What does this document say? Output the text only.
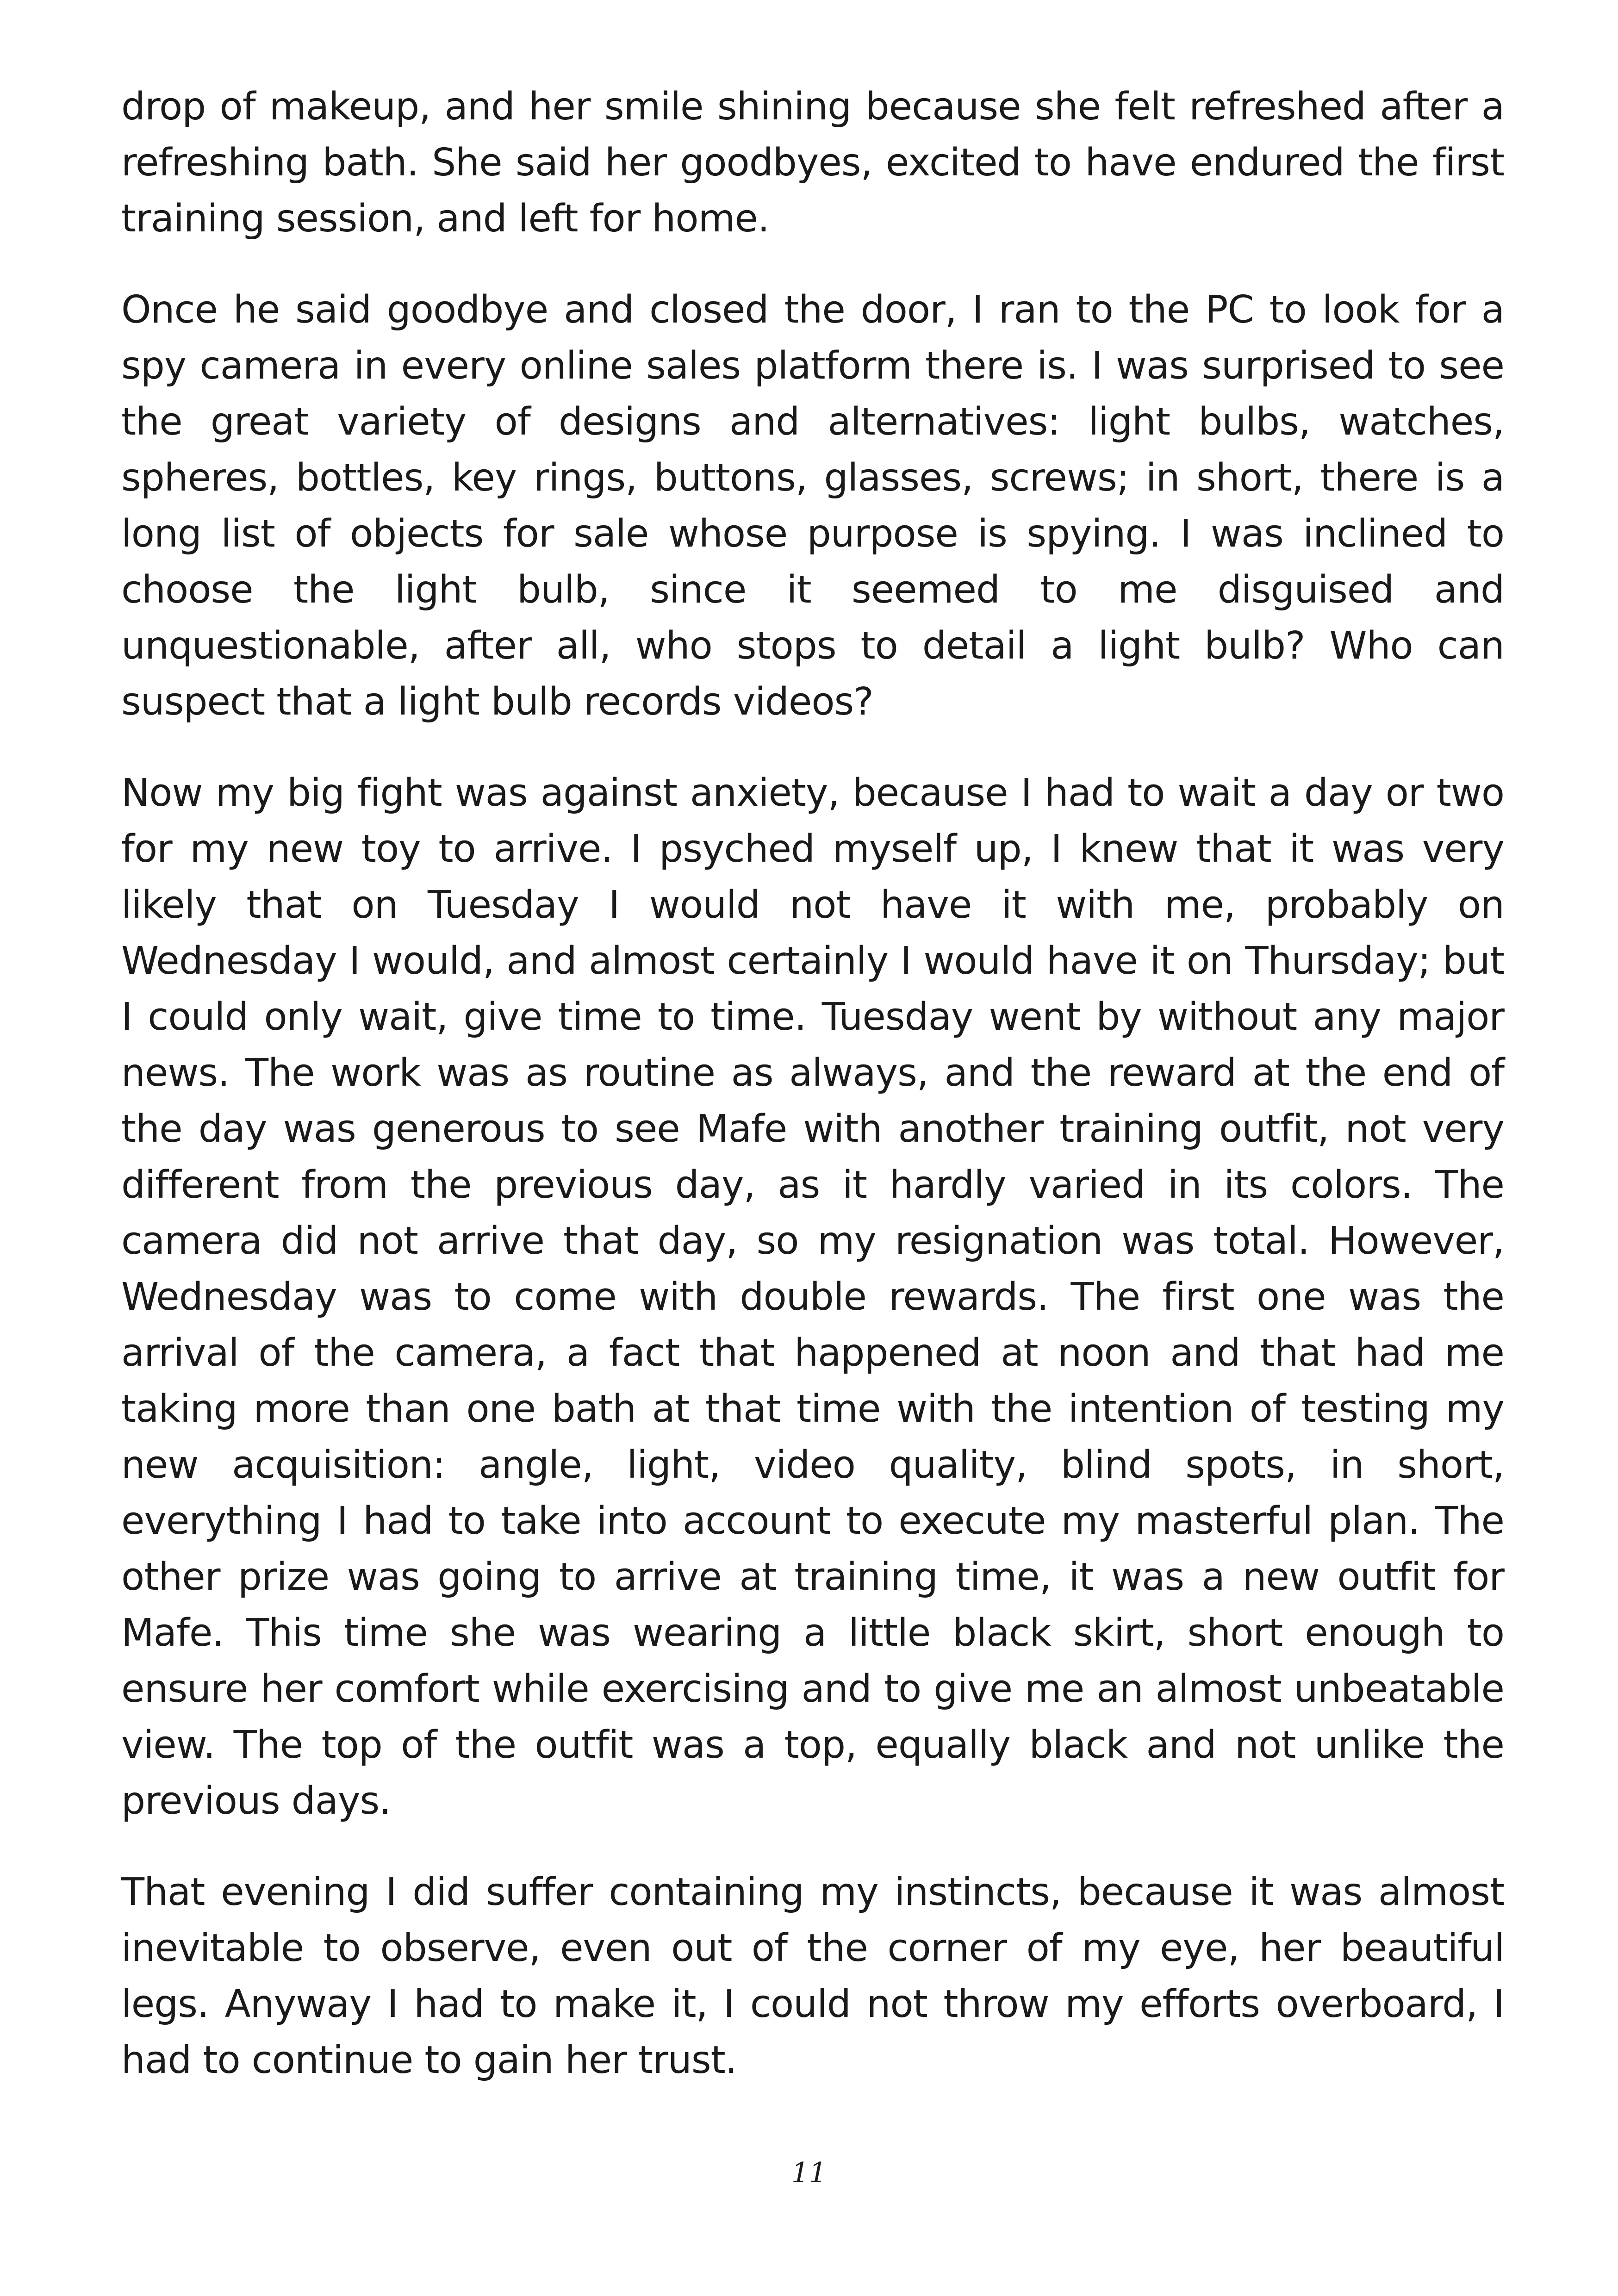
drop of makeup, and her smile shining because she felt refreshed after a refreshing bath. She said her goodbyes, excited to have endured the first training session, and left for home.

Once he said goodbye and closed the door, I ran to the PC to look for a spy camera in every online sales platform there is. I was surprised to see the great variety of designs and alternatives: light bulbs, watches, spheres, bottles, key rings, buttons, glasses, screws; in short, there is a long list of objects for sale whose purpose is spying. I was inclined to choose the light bulb, since it seemed to me disguised and unquestionable, after all, who stops to detail a light bulb? Who can suspect that a light bulb records videos?

Now my big fight was against anxiety, because I had to wait a day or two for my new toy to arrive. I psyched myself up, I knew that it was very likely that on Tuesday I would not have it with me, probably on Wednesday I would, and almost certainly I would have it on Thursday; but I could only wait, give time to time. Tuesday went by without any major news. The work was as routine as always, and the reward at the end of the day was generous to see Mafe with another training outfit, not very different from the previous day, as it hardly varied in its colors. The camera did not arrive that day, so my resignation was total. However, Wednesday was to come with double rewards. The first one was the arrival of the camera, a fact that happened at noon and that had me taking more than one bath at that time with the intention of testing my new acquisition: angle, light, video quality, blind spots, in short, everything I had to take into account to execute my masterful plan. The other prize was going to arrive at training time, it was a new outfit for Mafe. This time she was wearing a little black skirt, short enough to ensure her comfort while exercising and to give me an almost unbeatable view. The top of the outfit was a top, equally black and not unlike the previous days.

That evening I did suffer containing my instincts, because it was almost inevitable to observe, even out of the corner of my eye, her beautiful legs. Anyway I had to make it, I could not throw my efforts overboard, I had to continue to gain her trust.

11
